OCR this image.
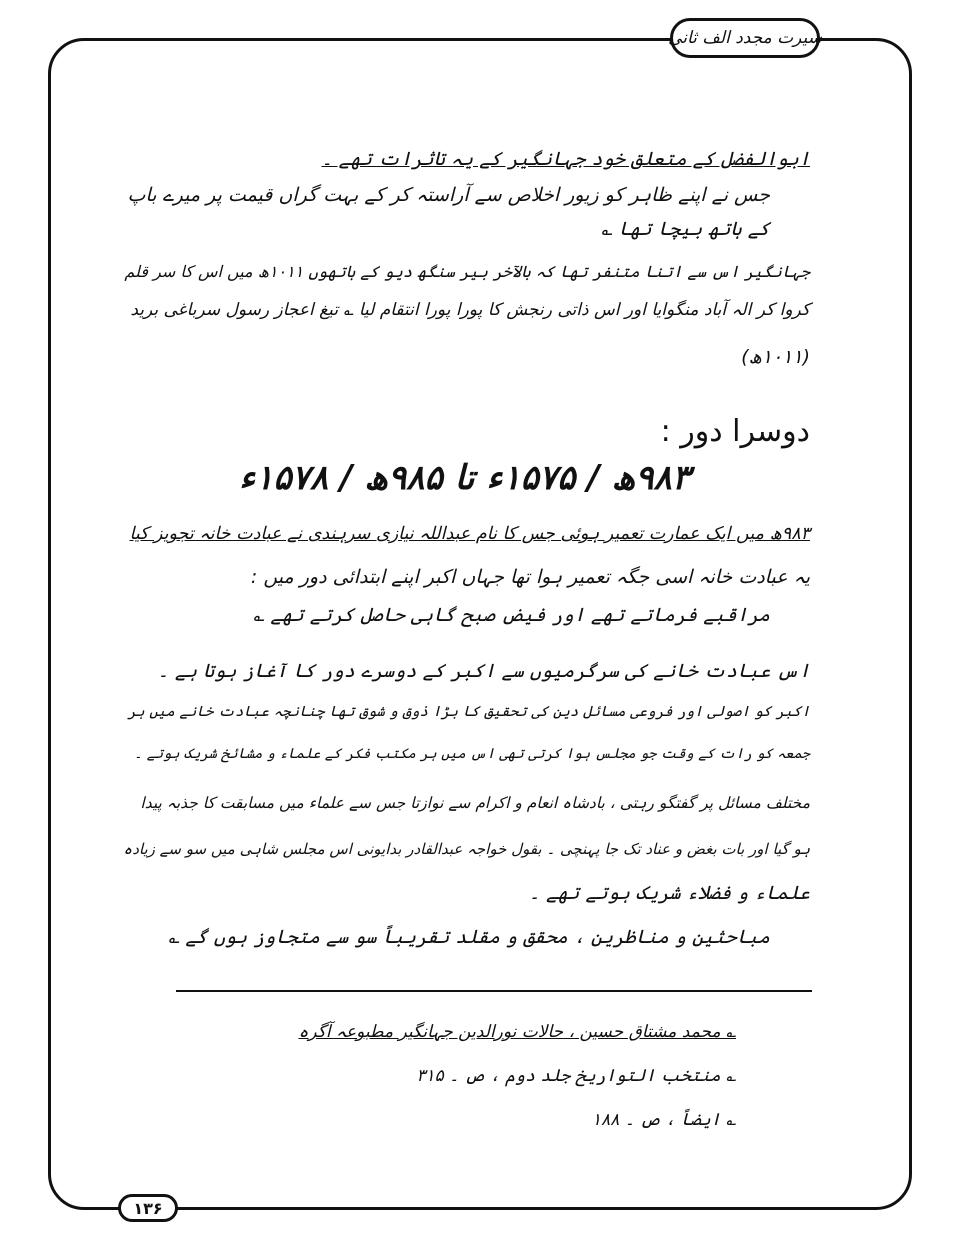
سیرت مجدد الف ثانی
ابوالفضل کے متعلق خود جہانگیر کے یہ تاثرات تھے ۔
جس نے اپنے ظاہر کو زیور اخلاص سے آراستہ کر کے بہت گراں قیمت پر میرے باپ
کے ہاتھ بیچا تھا ؎
جہانگیر اس سے اتنا متنفر تھا کہ بالآخر بیر سنگھ دیو کے ہاتھوں ۱۰۱۱ھ میں اس کا سر قلم
کروا کر الہ آباد منگوایا اور اس ذاتی رنجش کا پورا پورا انتقام لیا ؎ تیغ اعجاز رسول سرباغی برید
(۱۰۱۱ھ)
دوسرا دور :
۹۸۳ھ / ۱۵۷۵ء تا ۹۸۵ھ / ۱۵۷۸ء
۹۸۳ھ میں ایک عمارت تعمیر ہوئی جس کا نام عبداللہ نیازی سرہندی نے عبادت خانہ تجویز کیا
یہ عبادت خانہ اسی جگہ تعمیر ہوا تھا جہاں اکبر اپنے ابتدائی دور میں :
مراقبے فرماتے تھے اور فیض صبح گاہی حاصل کرتے تھے ؎
اس عبادت خانے کی سرگرمیوں سے اکبر کے دوسرے دور کا آغاز ہوتا ہے ۔
اکبر کو اصولی اور فروعی مسائل دین کی تحقیق کا بڑا ذوق و شوق تھا چنانچہ عبادت خانے میں ہر
جمعہ کو رات کے وقت جو مجلس ہوا کرتی تھی اس میں ہر مکتب فکر کے علماء و مشائخ شریک ہوتے ۔
مختلف مسائل پر گفتگو رہتی ، بادشاہ انعام و اکرام سے نوازتا جس سے علماء میں مسابقت کا جذبہ پیدا
ہو گیا اور بات بغض و عناد تک جا پہنچی ۔ بقول خواجہ عبدالقادر بدایونی اس مجلس شاہی میں سو سے زیادہ
علماء و فضلاء شریک ہوتے تھے ۔
مباحثین و مناظرین ، محقق و مقلد تقریباً سو سے متجاوز ہوں گے ؎
؎ محمد مشتاق حسین ، حالات نورالدین جہانگیر مطبوعہ آگرہ
؎ منتخب التواریخ جلد دوم ، ص ۔ ۳۱۵
؎ ایضاً ، ص ۔ ۱۸۸
۱۳۶
